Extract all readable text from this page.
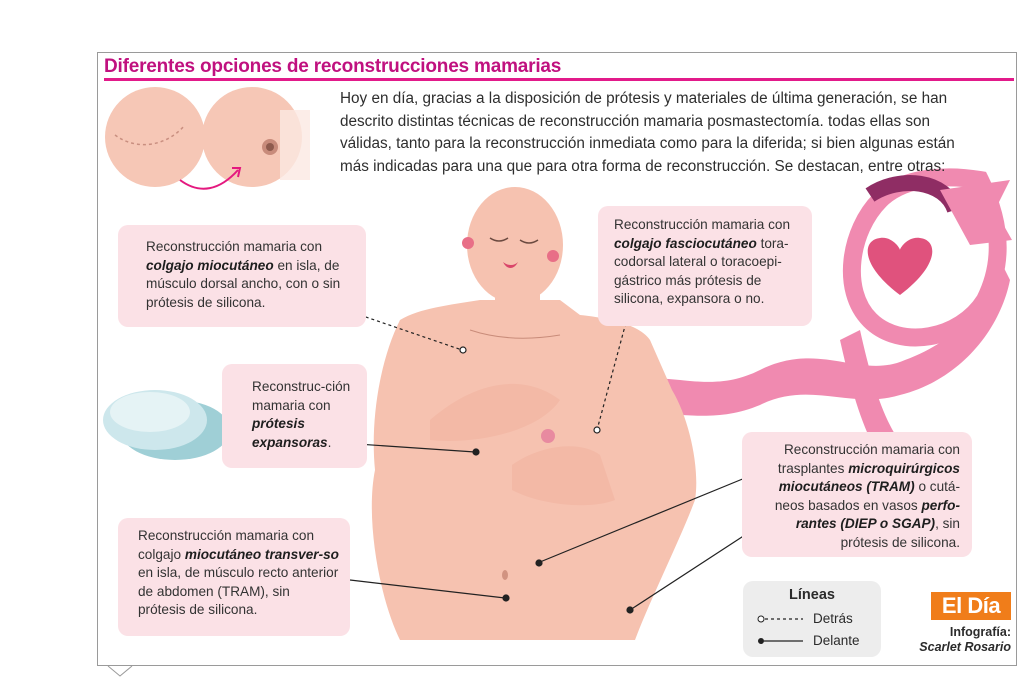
Diferentes opciones de reconstrucciones mamarias
Hoy en día, gracias a la disposición de prótesis y materiales de última generación, se han descrito distintas técnicas de reconstrucción mamaria posmastectomía. todas ellas son válidas, tanto para la reconstrucción inmediata como para la diferida; si bien algunas están más indicadas para una que para otra forma de reconstrucción. Se destacan, entre otras:
Reconstrucción mamaria con colgajo miocutáneo en isla, de músculo dorsal ancho, con o sin prótesis de silicona.
Reconstrucción mamaria con colgajo fasciocutáneo tora-codorsal lateral o toracoepi-gástrico más prótesis de silicona, expansora o no.
Reconstruc-ción mamaria con prótesis expansoras.
Reconstrucción mamaria con colgajo miocutáneo transver-so en isla, de músculo recto anterior de abdomen (TRAM), sin prótesis de silicona.
Reconstrucción mamaria con trasplantes microquirúrgicos miocutáneos (TRAM) o cutá-neos basados en vasos perfo-rantes (DIEP o SGAP), sin prótesis de silicona.
Líneas
Detrás
Delante
El Día
Infografía:
Scarlet Rosario
